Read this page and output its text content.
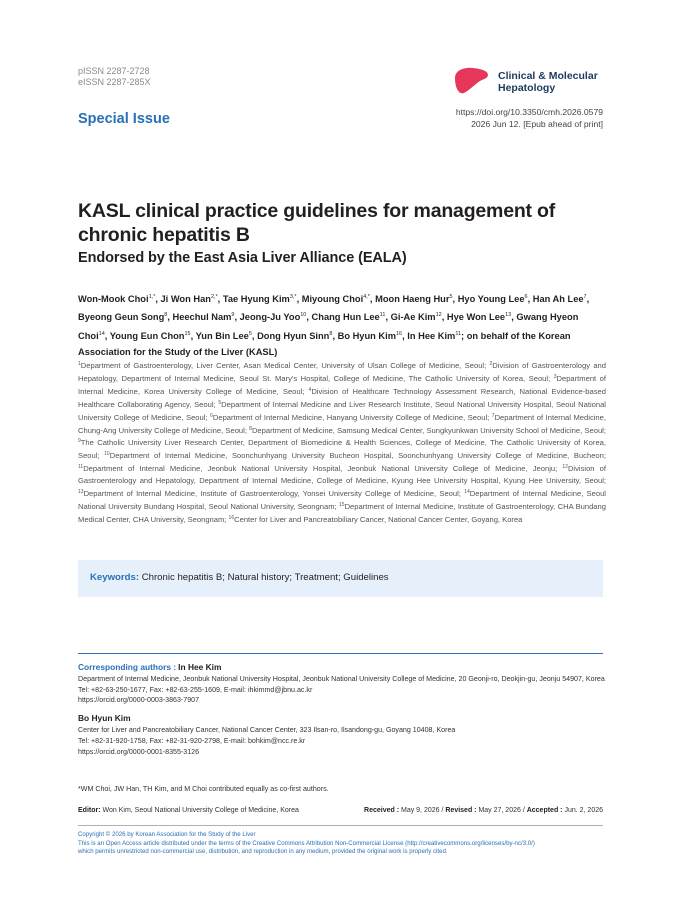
pISSN 2287-2728
eISSN 2287-285X	Clinical & Molecular
Hepatology
https://doi.org/10.3350/cmh.2026.0579
2026 Jun 12. [Epub ahead of print]
Special Issue
KASL clinical practice guidelines for management of chronic hepatitis B
Endorsed by the East Asia Liver Alliance (EALA)
Won-Mook Choi$^{1,*}$, Ji Won Han$^{2,*}$, Tae Hyung Kim$^{3,*}$, Miyoung Choi$^{4,*}$, Moon Haeng Hur$^5$, Hyo Young Lee$^6$, Han Ah Lee$^7$, Byeong Geun Song$^8$, Heechul Nam$^9$, Jeong-Ju Yoo$^{10}$, Chang Hun Lee$^{11}$, Gi-Ae Kim$^{12}$, Hye Won Lee$^{13}$, Gwang Hyeon Choi$^{14}$, Young Eun Chon$^{15}$, Yun Bin Lee$^5$, Dong Hyun Sinn$^8$, Bo Hyun Kim$^{16}$, In Hee Kim$^{11}$; on behalf of the Korean Association for the Study of the Liver (KASL)
$^1$Department of Gastroenterology, Liver Center, Asan Medical Center, University of Ulsan College of Medicine, Seoul; $^2$Division of Gastroenterology and Hepatology, Department of Internal Medicine, Seoul St. Mary's Hospital, College of Medicine, The Catholic University of Korea, Seoul; $^3$Department of Internal Medicine, Korea University College of Medicine, Seoul; $^4$Division of Healthcare Technology Assessment Research, National Evidence-based Healthcare Collaborating Agency, Seoul; $^5$Department of Internal Medicine and Liver Research Institute, Seoul National University Hospital, Seoul National University College of Medicine, Seoul; $^6$Department of Internal Medicine, Hanyang University College of Medicine, Seoul; $^7$Department of Internal Medicine, Chung-Ang University College of Medicine, Seoul; $^8$Department of Medicine, Samsung Medical Center, Sungkyunkwan University School of Medicine, Seoul; $^9$The Catholic University Liver Research Center, Department of Biomedicine & Health Sciences, College of Medicine, The Catholic University of Korea, Seoul; $^{10}$Department of Internal Medicine, Soonchunhyang University Bucheon Hospital, Soonchunhyang University College of Medicine, Bucheon; $^{11}$Department of Internal Medicine, Jeonbuk National University Hospital, Jeonbuk National University College of Medicine, Jeonju; $^{12}$Division of Gastroenterology and Hepatology, Department of Internal Medicine, College of Medicine, Kyung Hee University Hospital, Kyung Hee University, Seoul; $^{13}$Department of Internal Medicine, Institute of Gastroenterology, Yonsei University College of Medicine, Seoul; $^{14}$Department of Internal Medicine, Seoul National University Bundang Hospital, Seoul National University, Seongnam; $^{15}$Department of Internal Medicine, Institute of Gastroenterology, CHA Bundang Medical Center, CHA University, Seongnam; $^{16}$Center for Liver and Pancreatobiliary Cancer, National Cancer Center, Goyang, Korea
Keywords: Chronic hepatitis B; Natural history; Treatment; Guidelines
Corresponding authors : In Hee Kim
Department of Internal Medicine, Jeonbuk National University Hospital, Jeonbuk National University College of Medicine, 20 Geonji-ro, Deokjin-gu, Jeonju 54907, Korea
Tel: +82-63-250-1677, Fax: +82-63-255-1609, E-mail: ihkimmd@jbnu.ac.kr
https://orcid.org/0000-0003-3863-7907
Bo Hyun Kim
Center for Liver and Pancreatobiliary Cancer, National Cancer Center, 323 Ilsan-ro, Ilsandong-gu, Goyang 10408, Korea
Tel: +82-31-920-1758, Fax: +82-31-920-2798, E-mail: bohkim@ncc.re.kr
https://orcid.org/0000-0001-8355-3126
*WM Choi, JW Han, TH Kim, and M Choi contributed equally as co-first authors.
Editor: Won Kim, Seoul National University College of Medicine, Korea	Received : May 9, 2026 / Revised : May 27, 2026 / Accepted : Jun. 2, 2026
Copyright © 2026 by Korean Association for the Study of the Liver
This is an Open Access article distributed under the terms of the Creative Commons Attribution Non-Commercial License (http://creativecommons.org/licenses/by-nc/3.0/)
which permits unrestricted non-commercial use, distribution, and reproduction in any medium, provided the original work is properly cited.
